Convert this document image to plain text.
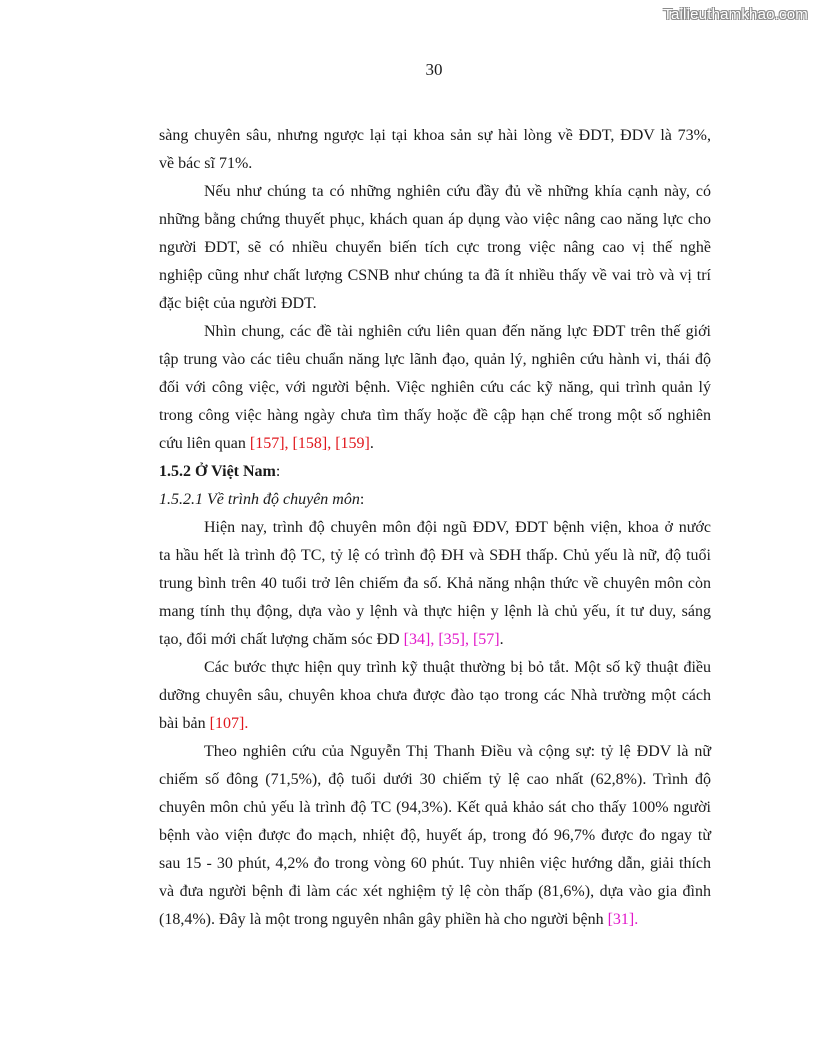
Tailieuthamkhao.com
30
sàng chuyên sâu, nhưng ngược lại tại khoa sản sự hài lòng về ĐDT, ĐDV là 73%,
về bác sĩ 71%.
Nếu như chúng ta có những nghiên cứu đầy đủ về những khía cạnh này, có
những bằng chứng thuyết phục, khách quan áp dụng vào việc nâng cao năng lực cho
người ĐDT, sẽ có nhiều chuyển biến tích cực trong việc nâng cao vị thế nghề
nghiệp cũng như chất lượng CSNB như chúng ta đã ít nhiều thấy về vai trò và vị trí
đặc biệt của người ĐDT.
Nhìn chung, các đề tài nghiên cứu liên quan đến năng lực ĐDT trên thế giới
tập trung vào các tiêu chuẩn năng lực lãnh đạo, quản lý, nghiên cứu hành vi, thái độ
đối với công việc, với người bệnh. Việc nghiên cứu các kỹ năng, qui trình quản lý
trong công việc hàng ngày chưa tìm thấy hoặc đề cập hạn chế trong một số nghiên
cứu liên quan [157], [158], [159].
1.5.2 Ở Việt Nam:
1.5.2.1 Về trình độ chuyên môn:
Hiện nay, trình độ chuyên môn đội ngũ ĐDV, ĐDT bệnh viện, khoa ở nước
ta hầu hết là trình độ TC, tỷ lệ có trình độ ĐH và SĐH thấp. Chủ yếu là nữ, độ tuổi
trung bình trên 40 tuổi trở lên chiếm đa số. Khả năng nhận thức về chuyên môn còn
mang tính thụ động, dựa vào y lệnh và thực hiện y lệnh là chủ yếu, ít tư duy, sáng
tạo, đổi mới chất lượng chăm sóc ĐD [34], [35], [57].
Các bước thực hiện quy trình kỹ thuật thường bị bỏ tắt. Một số kỹ thuật điều
dưỡng chuyên sâu, chuyên khoa chưa được đào tạo trong các Nhà trường một cách
bài bản [107].
Theo nghiên cứu của Nguyễn Thị Thanh Điều và cộng sự: tỷ lệ ĐDV là nữ
chiếm số đông (71,5%), độ tuổi dưới 30 chiếm tỷ lệ cao nhất (62,8%). Trình độ
chuyên môn chủ yếu là trình độ TC (94,3%). Kết quả khảo sát cho thấy 100% người
bệnh vào viện được đo mạch, nhiệt độ, huyết áp, trong đó 96,7% được đo ngay từ
sau 15 - 30 phút, 4,2% đo trong vòng 60 phút. Tuy nhiên việc hướng dẫn, giải thích
và đưa người bệnh đi làm các xét nghiệm tỷ lệ còn thấp (81,6%), dựa vào gia đình
(18,4%). Đây là một trong nguyên nhân gây phiền hà cho người bệnh [31].
